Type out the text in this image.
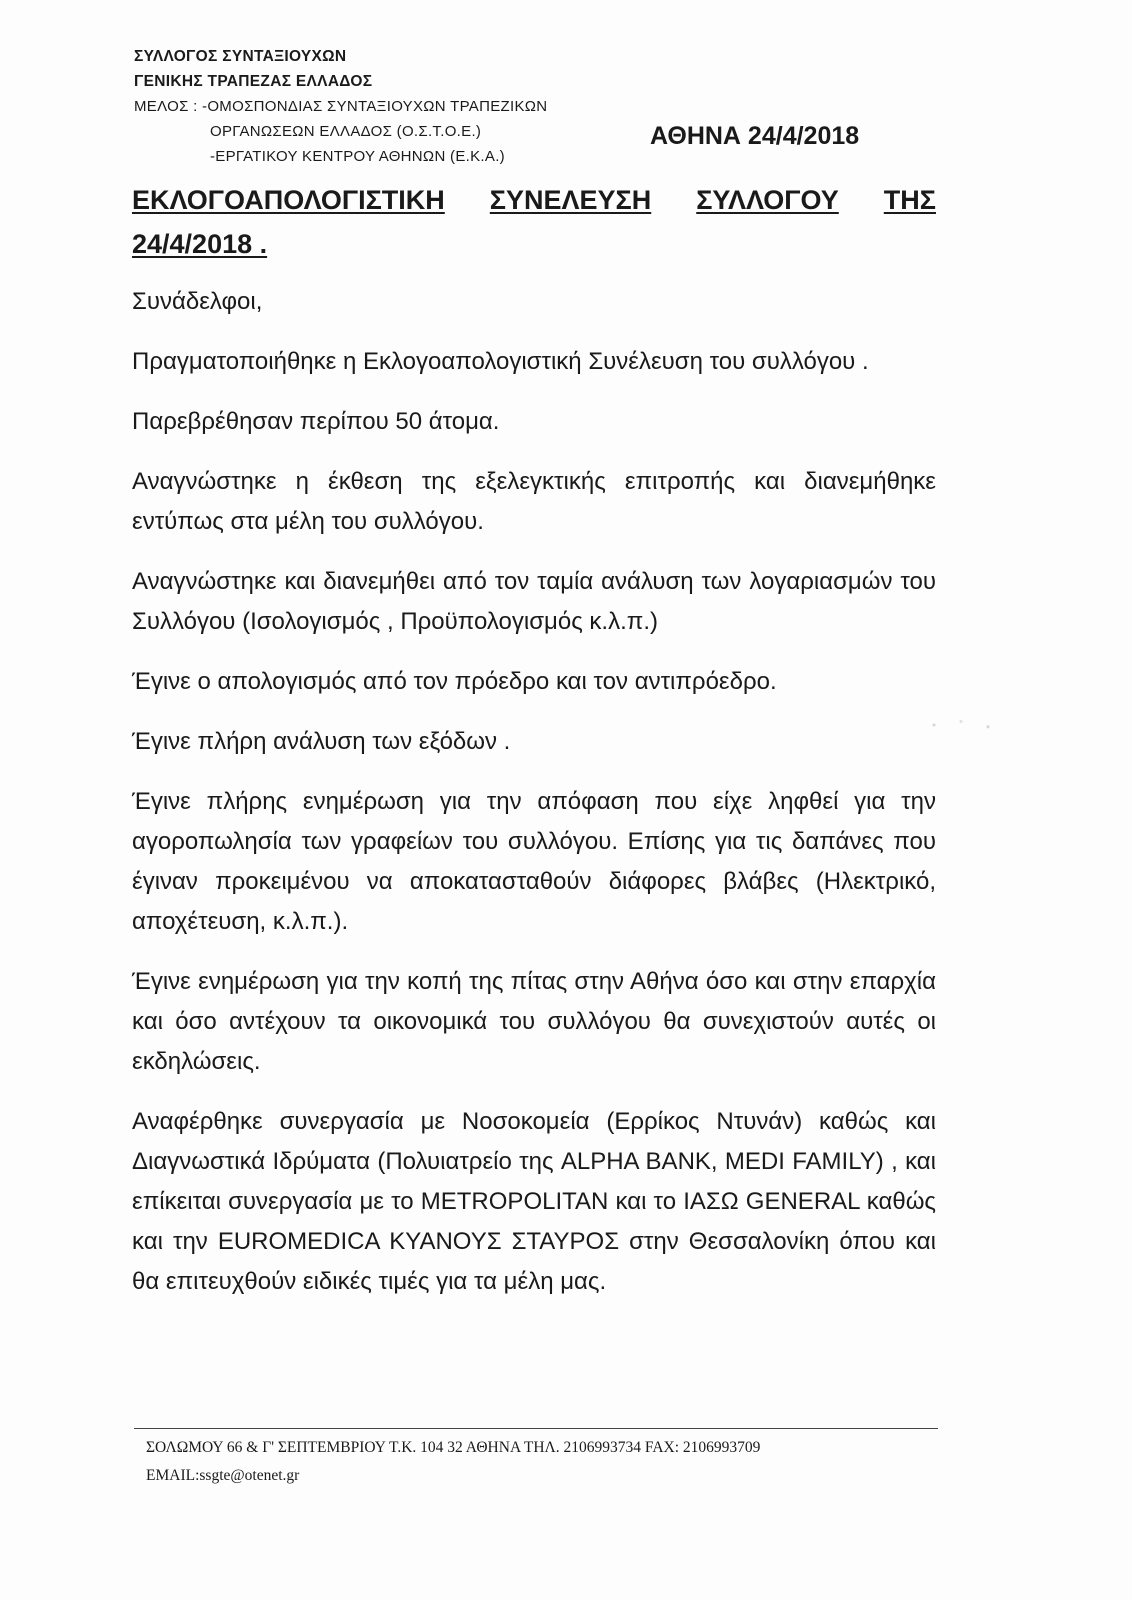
ΣΥΛΛΟΓΟΣ ΣΥΝΤΑΞΙΟΥΧΩΝ
ΓΕΝΙΚΗΣ ΤΡΑΠΕΖΑΣ ΕΛΛΑΔΟΣ
ΜΕΛΟΣ : -ΟΜΟΣΠΟΝΔΙΑΣ ΣΥΝΤΑΞΙΟΥΧΩΝ ΤΡΑΠΕΖΙΚΩΝ
ΟΡΓΑΝΩΣΕΩΝ ΕΛΛΑΔΟΣ (Ο.Σ.Τ.Ο.Ε.)
-ΕΡΓΑΤΙΚΟΥ ΚΕΝΤΡΟΥ ΑΘΗΝΩΝ (Ε.Κ.Α.)
ΑΘΗΝΑ 24/4/2018
ΕΚΛΟΓΟΑΠΟΛΟΓΙΣΤΙΚΗ ΣΥΝΕΛΕΥΣΗ ΣΥΛΛΟΓΟΥ ΤΗΣ
24/4/2018 .

Συνάδελφοι,

Πραγματοποιήθηκε η Εκλογοαπολογιστική Συνέλευση του συλλόγου .

Παρεβρέθησαν περίπου 50 άτομα.

Αναγνώστηκε η έκθεση της εξελεγκτικής επιτροπής και διανεμήθηκε εντύπως στα μέλη του συλλόγου.

Αναγνώστηκε και διανεμήθει από τον ταμία ανάλυση των λογαριασμών του Συλλόγου (Ισολογισμός , Προϋπολογισμός κ.λ.π.)

Έγινε ο απολογισμός από τον πρόεδρο και τον αντιπρόεδρο.

Έγινε πλήρη ανάλυση των εξόδων .

Έγινε πλήρης ενημέρωση για την απόφαση που είχε ληφθεί για την αγοροπωλησία των γραφείων του συλλόγου. Επίσης για τις δαπάνες που έγιναν προκειμένου να αποκατασταθούν διάφορες βλάβες (Ηλεκτρικό, αποχέτευση, κ.λ.π.).

Έγινε ενημέρωση για την κοπή της πίτας στην Αθήνα όσο και στην επαρχία και όσο αντέχουν τα οικονομικά του συλλόγου θα συνεχιστούν αυτές οι εκδηλώσεις.

Αναφέρθηκε συνεργασία με Νοσοκομεία (Ερρίκος Ντυνάν) καθώς και Διαγνωστικά Ιδρύματα (Πολυιατρείο της ALPHA BANK, MEDI FAMILY) , και επίκειται συνεργασία με το METROPOLITAN και το ΙΑΣΩ GENERAL καθώς και την EUROMEDICA ΚΥΑΝΟΥΣ ΣΤΑΥΡΟΣ στην Θεσσαλονίκη όπου και θα επιτευχθούν ειδικές τιμές για τα μέλη μας.

ΣΟΛΩΜΟΥ 66 & Γ' ΣΕΠΤΕΜΒΡΙΟΥ Τ.Κ. 104 32 ΑΘΗΝΑ ΤΗΛ. 2106993734 FAX: 2106993709
EMAIL:ssgte@otenet.gr
